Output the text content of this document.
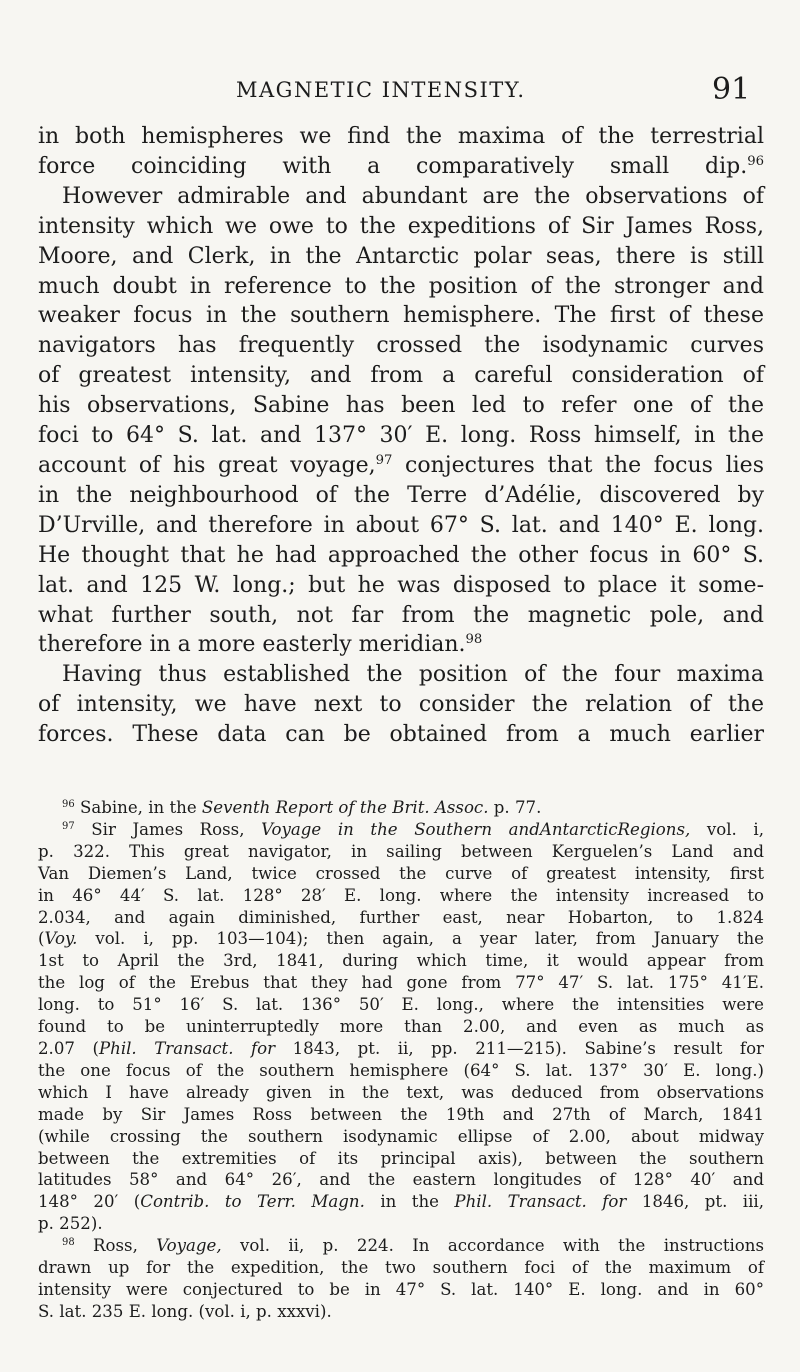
MAGNETIC INTENSITY.	91
in both hemispheres we find the maxima of the terrestrial
force coinciding with a comparatively small dip.$^{96}$
However admirable and abundant are the observations of
intensity which we owe to the expeditions of Sir James Ross,
Moore, and Clerk, in the Antarctic polar seas, there is still
much doubt in reference to the position of the stronger and
weaker focus in the southern hemisphere. The first of these
navigators has frequently crossed the isodynamic curves
of greatest intensity, and from a careful consideration of
his observations, Sabine has been led to refer one of the
foci to 64° S. lat. and 137° 30′ E. long. Ross himself, in the
account of his great voyage,$^{97}$ conjectures that the focus lies
in the neighbourhood of the Terre d’Adélie, discovered by
D’Urville, and therefore in about 67° S. lat. and 140° E. long.
He thought that he had approached the other focus in 60° S.
lat. and 125 W. long.; but he was disposed to place it some-
what further south, not far from the magnetic pole, and
therefore in a more easterly meridian.$^{98}$
Having thus established the position of the four maxima
of intensity, we have next to consider the relation of the
forces. These data can be obtained from a much earlier
$^{96}$ Sabine, in the Seventh Report of the Brit. Assoc. p. 77.
$^{97}$ Sir James Ross, Voyage in the Southern andAntarcticRegions, vol. i,
p. 322. This great navigator, in sailing between Kerguelen’s Land and
Van Diemen’s Land, twice crossed the curve of greatest intensity, first
in 46° 44′ S. lat. 128° 28′ E. long. where the intensity increased to
2.034, and again diminished, further east, near Hobarton, to 1.824
(Voy. vol. i, pp. 103—104); then again, a year later, from January the
1st to April the 3rd, 1841, during which time, it would appear from
the log of the Erebus that they had gone from 77° 47′ S. lat. 175° 41′E.
long. to 51° 16′ S. lat. 136° 50′ E. long., where the intensities were
found to be uninterruptedly more than 2.00, and even as much as
2.07 (Phil. Transact. for 1843, pt. ii, pp. 211—215). Sabine’s result for
the one focus of the southern hemisphere (64° S. lat. 137° 30′ E. long.)
which I have already given in the text, was deduced from observations
made by Sir James Ross between the 19th and 27th of March, 1841
(while crossing the southern isodynamic ellipse of 2.00, about midway
between the extremities of its principal axis), between the southern
latitudes 58° and 64° 26′, and the eastern longitudes of 128° 40′ and
148° 20′ (Contrib. to Terr. Magn. in the Phil. Transact. for 1846, pt. iii,
p. 252).
$^{98}$ Ross, Voyage, vol. ii, p. 224. In accordance with the instructions
drawn up for the expedition, the two southern foci of the maximum of
intensity were conjectured to be in 47° S. lat. 140° E. long. and in 60°
S. lat. 235 E. long. (vol. i, p. xxxvi).
